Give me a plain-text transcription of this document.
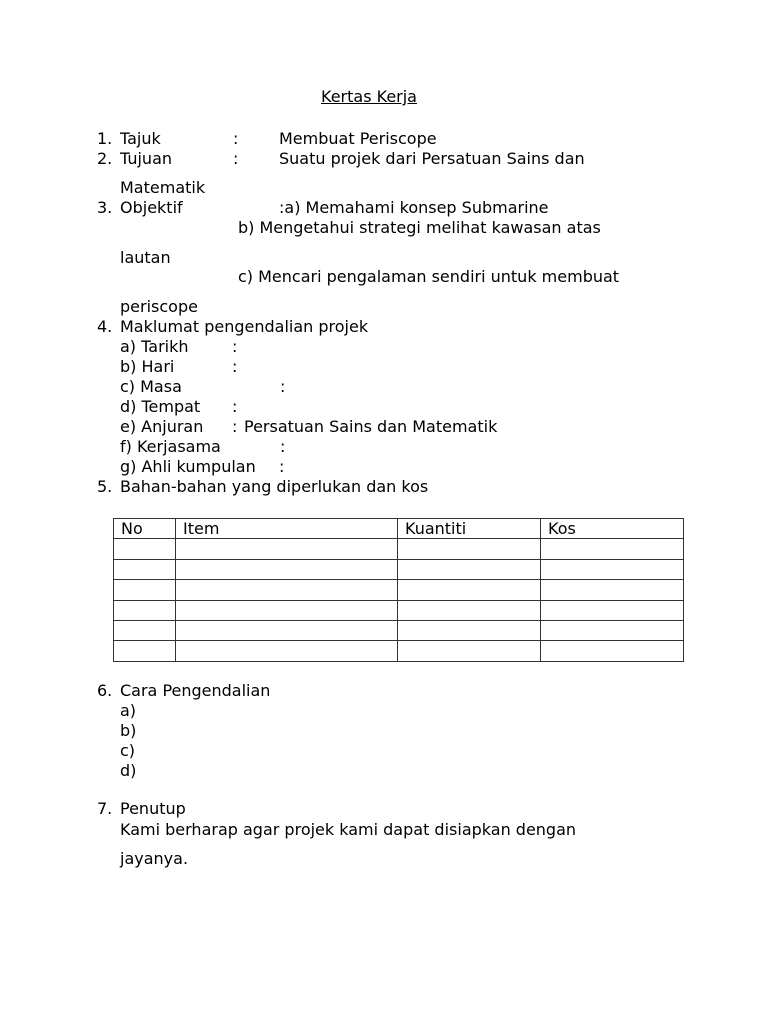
Kertas Kerja
1. Tajuk	:	Membuat Periscope
2. Tujuan	:	Suatu projek dari Persatuan Sains dan
Matematik
3. Objektif	:a) Memahami konsep Submarine
b) Mengetahui strategi melihat kawasan atas
lautan
c) Mencari pengalaman sendiri untuk membuat
periscope
4. Maklumat pengendalian projek
a) Tarikh	:
b) Hari	:
c) Masa	:
d) Tempat :
e) Anjuran : Persatuan Sains dan Matematik
f) Kerjasama	:
g) Ahli kumpulan :
5. Bahan-bahan yang diperlukan dan kos
No	Item	Kuantiti	Kos

6. Cara Pengendalian
a)
b)
c)
d)
7. Penutup
Kami berharap agar projek kami dapat disiapkan dengan
jayanya.
